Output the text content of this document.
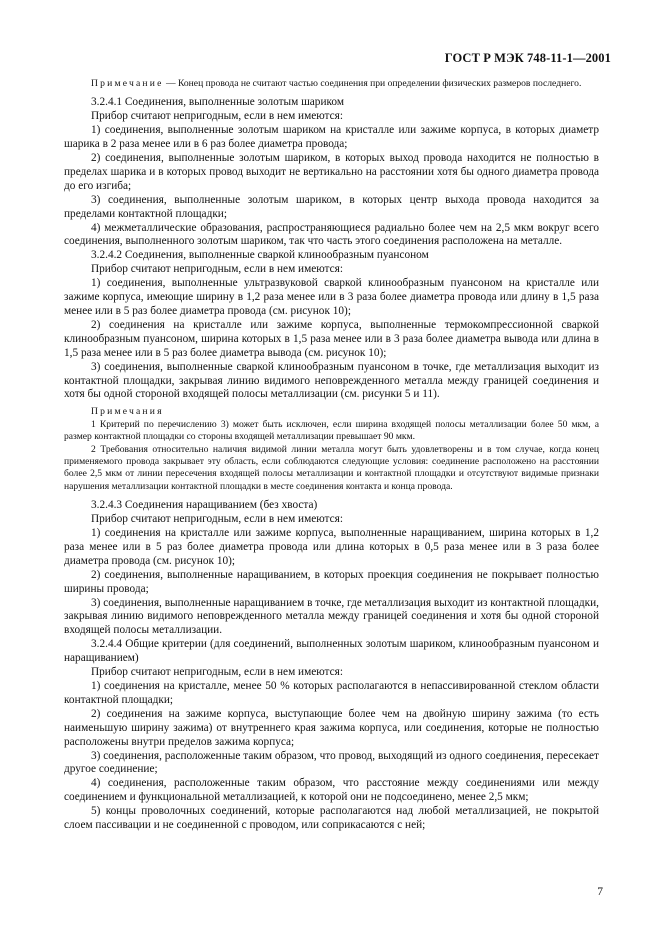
ГОСТ Р МЭК 748-11-1—2001

Примечание — Конец провода не считают частью соединения при определении физических размеров последнего.

3.2.4.1 Соединения, выполненные золотым шариком

Прибор считают непригодным, если в нем имеются:

1) соединения, выполненные золотым шариком на кристалле или зажиме корпуса, в которых диаметр шарика в 2 раза менее или в 6 раз более диаметра провода;

2) соединения, выполненные золотым шариком, в которых выход провода находится не полностью в пределах шарика и в которых провод выходит не вертикально на расстоянии хотя бы одного диаметра провода до его изгиба;

3) соединения, выполненные золотым шариком, в которых центр выхода провода находится за пределами контактной площадки;

4) межметаллические образования, распространяющиеся радиально более чем на 2,5 мкм вокруг всего соединения, выполненного золотым шариком, так что часть этого соединения расположена на металле.

3.2.4.2 Соединения, выполненные сваркой клинообразным пуансоном

Прибор считают непригодным, если в нем имеются:

1) соединения, выполненные ультразвуковой сваркой клинообразным пуансоном на кристалле или зажиме корпуса, имеющие ширину в 1,2 раза менее или в 3 раза более диаметра провода или длину в 1,5 раза менее или в 5 раз более диаметра провода (см. рисунок 10);

2) соединения на кристалле или зажиме корпуса, выполненные термокомпрессионной сваркой клинообразным пуансоном, ширина которых в 1,5 раза менее или в 3 раза более диаметра вывода или длина в 1,5 раза менее или в 5 раз более диаметра вывода (см. рисунок 10);

3) соединения, выполненные сваркой клинообразным пуансоном в точке, где металлизация выходит из контактной площадки, закрывая линию видимого неповрежденного металла между границей соединения и хотя бы одной стороной входящей полосы металлизации (см. рисунки 5 и 11).

Примечания

1 Критерий по перечислению 3) может быть исключен, если ширина входящей полосы металлизации более 50 мкм, а размер контактной площадки со стороны входящей металлизации превышает 90 мкм.

2 Требования относительно наличия видимой линии металла могут быть удовлетворены и в том случае, когда конец применяемого провода закрывает эту область, если соблюдаются следующие условия: соединение расположено на расстоянии более 2,5 мкм от линии пересечения входящей полосы металлизации и контактной площадки и отсутствуют видимые признаки нарушения металлизации контактной площадки в месте соединения контакта и конца провода.

3.2.4.3 Соединения наращиванием (без хвоста)

Прибор считают непригодным, если в нем имеются:

1) соединения на кристалле или зажиме корпуса, выполненные наращиванием, ширина которых в 1,2 раза менее или в 5 раз более диаметра провода или длина которых в 0,5 раза менее или в 3 раза более диаметра провода (см. рисунок 10);

2) соединения, выполненные наращиванием, в которых проекция соединения не покрывает полностью ширины провода;

3) соединения, выполненные наращиванием в точке, где металлизация выходит из контактной площадки, закрывая линию видимого неповрежденного металла между границей соединения и хотя бы одной стороной входящей полосы металлизации.

3.2.4.4 Общие критерии (для соединений, выполненных золотым шариком, клинообразным пуансоном и наращиванием)

Прибор считают непригодным, если в нем имеются:

1) соединения на кристалле, менее 50 % которых располагаются в непассивированной стеклом области контактной площадки;

2) соединения на зажиме корпуса, выступающие более чем на двойную ширину зажима (то есть наименьшую ширину зажима) от внутреннего края зажима корпуса, или соединения, которые не полностью расположены внутри пределов зажима корпуса;

3) соединения, расположенные таким образом, что провод, выходящий из одного соединения, пересекает другое соединение;

4) соединения, расположенные таким образом, что расстояние между соединениями или между соединением и функциональной металлизацией, к которой они не подсоединено, менее 2,5 мкм;

5) концы проволочных соединений, которые располагаются над любой металлизацией, не покрытой слоем пассивации и не соединенной с проводом, или соприкасаются с ней;

7
